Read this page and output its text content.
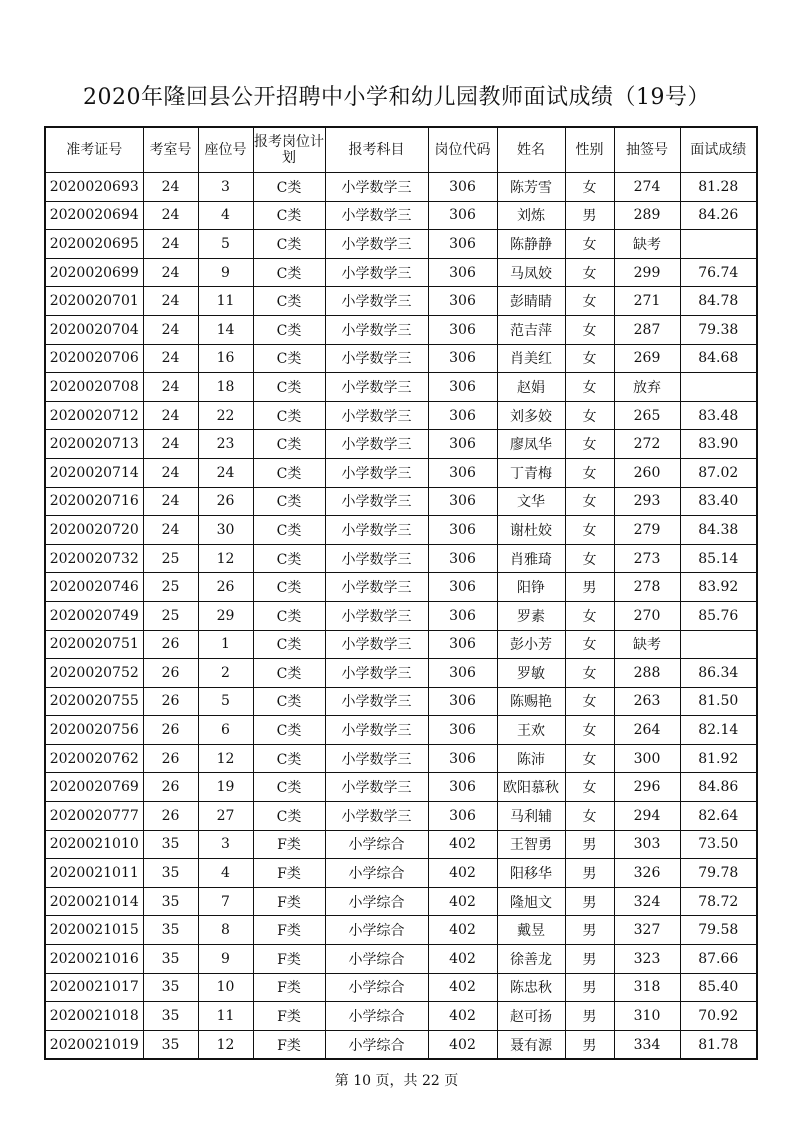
2020年隆回县公开招聘中小学和幼儿园教师面试成绩（19号）
准考证号	考室号	座位号	报考岗位计划	报考科目	岗位代码	姓名	性别	抽签号	面试成绩
2020020693	24	3	C类	小学数学三	306	陈芳雪	女	274	81.28
2020020694	24	4	C类	小学数学三	306	刘炼	男	289	84.26
2020020695	24	5	C类	小学数学三	306	陈静静	女	缺考	
2020020699	24	9	C类	小学数学三	306	马凤姣	女	299	76.74
2020020701	24	11	C类	小学数学三	306	彭睛睛	女	271	84.78
2020020704	24	14	C类	小学数学三	306	范吉萍	女	287	79.38
2020020706	24	16	C类	小学数学三	306	肖美红	女	269	84.68
2020020708	24	18	C类	小学数学三	306	赵娟	女	放弃	
2020020712	24	22	C类	小学数学三	306	刘多姣	女	265	83.48
2020020713	24	23	C类	小学数学三	306	廖凤华	女	272	83.90
2020020714	24	24	C类	小学数学三	306	丁青梅	女	260	87.02
2020020716	24	26	C类	小学数学三	306	文华	女	293	83.40
2020020720	24	30	C类	小学数学三	306	谢杜姣	女	279	84.38
2020020732	25	12	C类	小学数学三	306	肖雅琦	女	273	85.14
2020020746	25	26	C类	小学数学三	306	阳铮	男	278	83.92
2020020749	25	29	C类	小学数学三	306	罗素	女	270	85.76
2020020751	26	1	C类	小学数学三	306	彭小芳	女	缺考	
2020020752	26	2	C类	小学数学三	306	罗敏	女	288	86.34
2020020755	26	5	C类	小学数学三	306	陈赐艳	女	263	81.50
2020020756	26	6	C类	小学数学三	306	王欢	女	264	82.14
2020020762	26	12	C类	小学数学三	306	陈沛	女	300	81.92
2020020769	26	19	C类	小学数学三	306	欧阳慕秋	女	296	84.86
2020020777	26	27	C类	小学数学三	306	马利辅	女	294	82.64
2020021010	35	3	F类	小学综合	402	王智勇	男	303	73.50
2020021011	35	4	F类	小学综合	402	阳移华	男	326	79.78
2020021014	35	7	F类	小学综合	402	隆旭文	男	324	78.72
2020021015	35	8	F类	小学综合	402	戴昱	男	327	79.58
2020021016	35	9	F类	小学综合	402	徐善龙	男	323	87.66
2020021017	35	10	F类	小学综合	402	陈忠秋	男	318	85.40
2020021018	35	11	F类	小学综合	402	赵可扬	男	310	70.92
2020021019	35	12	F类	小学综合	402	聂有源	男	334	81.78
第 10 页，共 22 页
